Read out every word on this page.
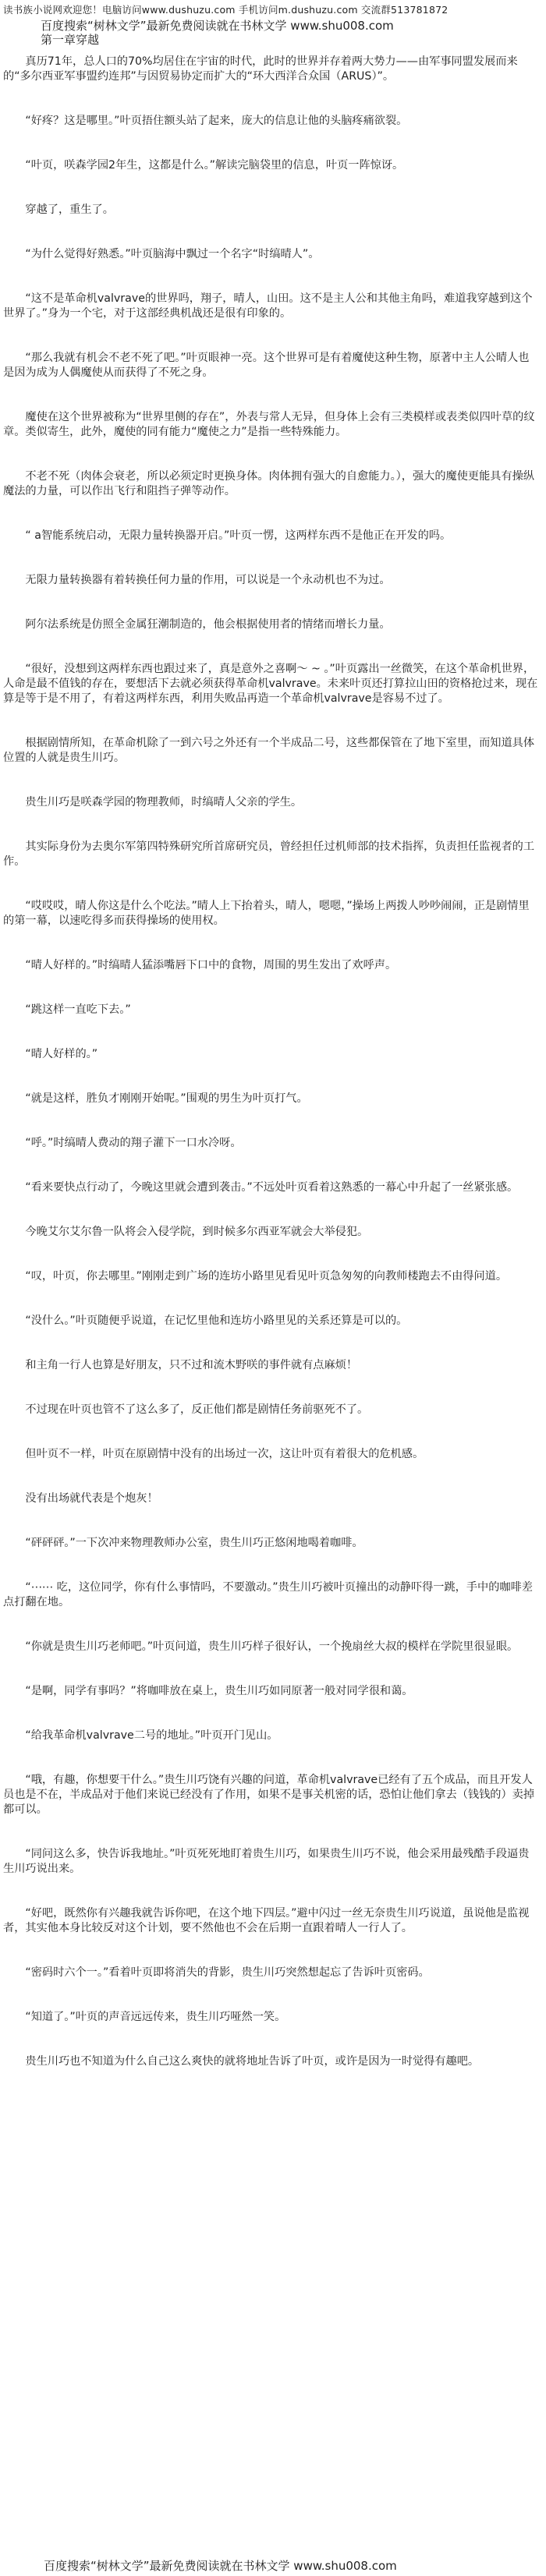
读书族小说网欢迎您！电脑访问www.dushuzu.com 手机访问m.dushuzu.com 交流群513781872
百度搜索“树林文学”最新免费阅读就在书林文学 www.shu008.com
第一章穿越
真历71年，总人口的70%均居住在宇宙的时代，此时的世界并存着两大势力——由军事同盟发展而来的“多尔西亚军事盟约连邦”与因贸易协定而扩大的“环大西洋合众国（ARUS）”。
“好疼？这是哪里。”叶页捂住额头站了起来，庞大的信息让他的头脑疼痛欲裂。
“叶页，咲森学园2年生，这都是什么。”解读完脑袋里的信息，叶页一阵惊讶。
穿越了，重生了。
“为什么觉得好熟悉。”叶页脑海中飘过一个名字“时缟晴人”。
“这不是革命机valvrave的世界吗，翔子，晴人，山田。这不是主人公和其他主角吗，难道我穿越到这个世界了。”身为一个宅，对于这部经典机战还是很有印象的。
“那么我就有机会不老不死了吧。”叶页眼神一亮。这个世界可是有着魔使这种生物，原著中主人公晴人也是因为成为人偶魔使从而获得了不死之身。
魔使在这个世界被称为“世界里侧的存在”，外表与常人无异，但身体上会有三类模样或表类似四叶草的纹章。类似寄生，此外，魔使的同有能力“魔使之力”是指一些特殊能力。
不老不死（肉体会衰老，所以必须定时更换身体。肉体拥有强大的自愈能力。），强大的魔使更能具有操纵魔法的力量，可以作出飞行和阻挡子弹等动作。
“ a智能系统启动，无限力量转换器开启。”叶页一愣，这两样东西不是他正在开发的吗。
无限力量转换器有着转换任何力量的作用，可以说是一个永动机也不为过。
阿尔法系统是仿照全金属狂潮制造的，他会根据使用者的情绪而增长力量。
“很好，没想到这两样东西也跟过来了，真是意外之喜啊～ ~ 。”叶页露出一丝微笑，在这个革命机世界，人命是最不值钱的存在，要想活下去就必须获得革命机valvrave。未来叶页还打算拉山田的资格抢过来，现在算是等于是不用了，有着这两样东西，利用失败品再造一个革命机valvrave是容易不过了。
根据剧情所知，在革命机除了一到六号之外还有一个半成品二号，这些都保管在了地下室里，而知道具体位置的人就是贵生川巧。
贵生川巧是咲森学园的物理教师，时缟晴人父亲的学生。
其实际身份为去奥尔军第四特殊研究所首席研究员，曾经担任过机师部的技术指挥，负责担任监视者的工作。
“哎哎哎，晴人你这是什么个吃法。”晴人上下抬着头，晴人，嗯嗯，”操场上两拨人吵吵闹闹，正是剧情里的第一幕，以速吃得多而获得操场的使用权。
“晴人好样的。”时缟晴人猛添嘴唇下口中的食物，周围的男生发出了欢呼声。
“跳这样一直吃下去。”
“晴人好样的。”
“就是这样，胜负才刚刚开始呢。”围观的男生为叶页打气。
“呼。”时缟晴人费动的翔子灌下一口水冷呀。
“看来要快点行动了，今晚这里就会遭到袭击。”不远处叶页看着这熟悉的一幕心中升起了一丝紧张感。
今晚艾尔艾尔鲁一队将会入侵学院，到时候多尔西亚军就会大举侵犯。
“叹，叶页，你去哪里。”刚刚走到广场的连坊小路里见看见叶页急匆匆的向教师楼跑去不由得问道。
“没什么。”叶页随便乎说道，在记忆里他和连坊小路里见的关系还算是可以的。
和主角一行人也算是好朋友，只不过和流木野咲的事件就有点麻烦！
不过现在叶页也管不了这么多了，反正他们都是剧情任务前驱死不了。
但叶页不一样，叶页在原剧情中没有的出场过一次，这让叶页有着很大的危机感。
没有出场就代表是个炮灰！
“砰砰砰。”一下次冲来物理教师办公室，贵生川巧正悠闲地喝着咖啡。
“⋯⋯ 吃，这位同学，你有什么事情吗，不要激动。”贵生川巧被叶页撞出的动静吓得一跳，手中的咖啡差点打翻在地。
“你就是贵生川巧老师吧。”叶页问道，贵生川巧样子很好认，一个挽扇丝大叔的模样在学院里很显眼。
“是啊，同学有事吗？”将咖啡放在桌上，贵生川巧如同原著一般对同学很和蔼。
“给我革命机valvrave二号的地址。”叶页开门见山。
“哦，有趣，你想要干什么。”贵生川巧饶有兴趣的问道，革命机valvrave已经有了五个成品，而且开发人员也是不在，半成品对于他们来说已经没有了作用，如果不是事关机密的话，恐怕让他们拿去（钱钱的）卖掉都可以。
“同问这么多，快告诉我地址。”叶页死死地盯着贵生川巧，如果贵生川巧不说，他会采用最残酷手段逼贵生川巧说出来。
“好吧，既然你有兴趣我就告诉你吧，在这个地下四层。”避中闪过一丝无奈贵生川巧说道，虽说他是监视者，其实他本身比较反对这个计划，要不然他也不会在后期一直跟着晴人一行人了。
“密码时六个一。”看着叶页即将消失的背影，贵生川巧突然想起忘了告诉叶页密码。
“知道了。”叶页的声音远远传来，贵生川巧哑然一笑。
贵生川巧也不知道为什么自己这么爽快的就将地址告诉了叶页，或许是因为一时觉得有趣吧。
百度搜索“树林文学”最新免费阅读就在书林文学 www.shu008.com
